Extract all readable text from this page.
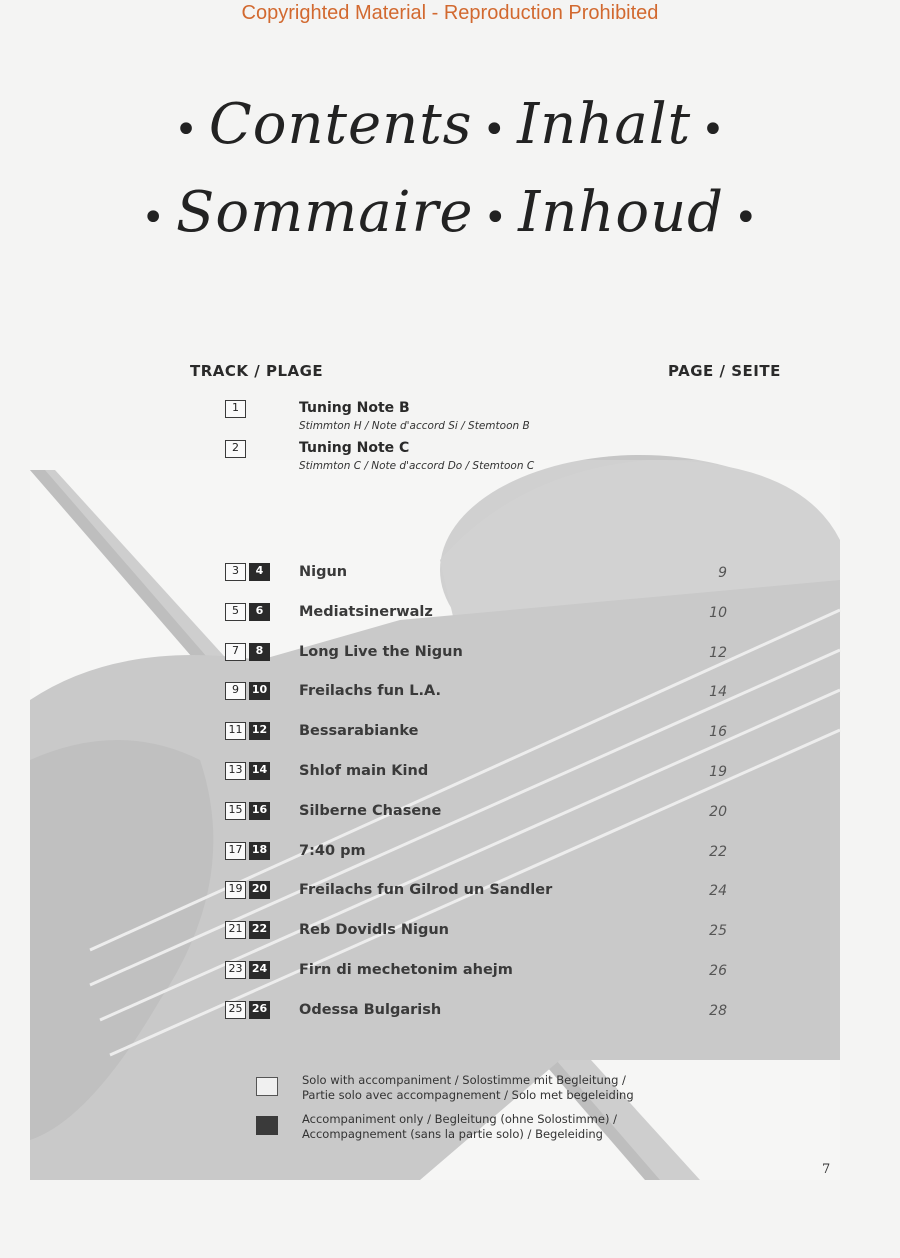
Copyrighted Material - Reproduction Prohibited
• Contents • Inhalt •
• Sommaire • Inhoud •
TRACK / PLAGE	PAGE / SEITE
1	Tuning Note B
Stimmton H / Note d'accord Si / Stemtoon B
2	Tuning Note C
Stimmton C / Note d'accord Do / Stemtoon C
3 4	Nigun	9
5 6	Mediatsinerwalz	10
7 8	Long Live the Nigun	12
9 10 Freilachs fun L.A.	14
11 12 Bessarabianke	16
13 14 Shlof main Kind	19
15 16 Silberne Chasene	20
17 18 7:40 pm	22
19 20 Freilachs fun Gilrod un Sandler	24
21 22 Reb Dovidls Nigun	25
23 24 Firn di mechetonim ahejm	26
25 26 Odessa Bulgarish	28
Solo with accompaniment / Solostimme mit Begleitung /
Partie solo avec accompagnement / Solo met begeleiding
Accompaniment only / Begleitung (ohne Solostimme) /
Accompagnement (sans la partie solo) / Begeleiding
7
